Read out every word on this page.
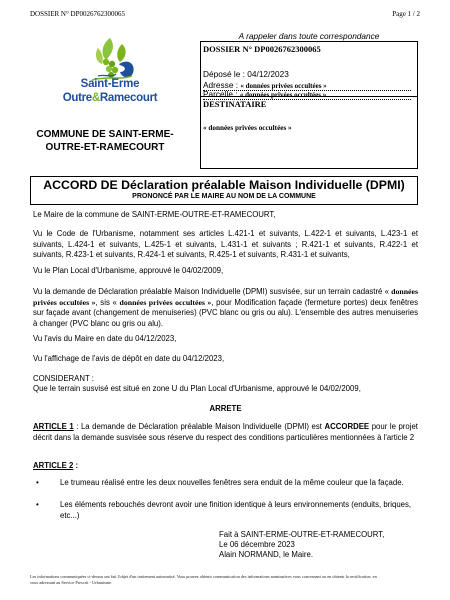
DOSSIER N° DP0026762300065	Page 1 / 2
Saint-Erme
Outre&Ramecourt
COMMUNE DE SAINT-ERME-
OUTRE-ET-RAMECOURT
A rappeler dans toute correspondance
DOSSIER N° DP0026762300065
Déposé le : 04/12/2023
Adresse : « données privées occultées »
Parcelle : « données privées occultées »
DESTINATAIRE
« données privées occultées »
ACCORD DE Déclaration préalable Maison Individuelle (DPMI)
PRONONCÉ PAR LE MAIRE AU NOM DE LA COMMUNE
Le Maire de la commune de SAINT-ERME-OUTRE-ET-RAMECOURT,
Vu le Code de l'Urbanisme, notamment ses articles L.421-1 et suivants, L.422-1 et suivants, L.423-1 et suivants, L.424-1 et suivants, L.425-1 et suivants, L.431-1 et suivants ; R.421-1 et suivants, R.422-1 et suivants, R.423-1 et suivants, R.424-1 et suivants, R.425-1 et suivants, R.431-1 et suivants,
Vu le Plan Local d'Urbanisme, approuvé le 04/02/2009,
Vu la demande de Déclaration préalable Maison Individuelle (DPMI) susvisée, sur un terrain cadastré « données privées occultées », sis « données privées occultées », pour Modification façade (fermeture portes) deux fenêtres sur façade avant (changement de menuiseries) (PVC blanc ou gris ou alu). L'ensemble des autres menuiseries à changer (PVC blanc ou gris ou alu).
Vu l'avis du Maire en date du 04/12/2023,
Vu l'affichage de l'avis de dépôt en date du 04/12/2023,
CONSIDERANT :
Que le terrain susvisé est situé en zone U du Plan Local d'Urbanisme, approuvé le 04/02/2009,
ARRETE
ARTICLE 1 : La demande de Déclaration préalable Maison Individuelle (DPMI) est ACCORDEE pour le projet décrit dans la demande susvisée sous réserve du respect des conditions particulières mentionnées à l'article 2
ARTICLE 2 :
•	Le trumeau réalisé entre les deux nouvelles fenêtres sera enduit de la même couleur que la façade.
•	Les éléments rebouchés devront avoir une finition identique à leurs environnements (enduits, briques, etc...)
Fait à SAINT-ERME-OUTRE-ET-RAMECOURT,
Le 06 décembre 2023
Alain NORMAND, le Maire.
Les informations communiquées ci-dessus ont fait l'objet d'un traitement automatisé. Vous pouvez obtenir communication des informations nominatives vous concernant ou en obtenir la rectification, en
vous adressant au Service Prescrit - Urbanisme.
